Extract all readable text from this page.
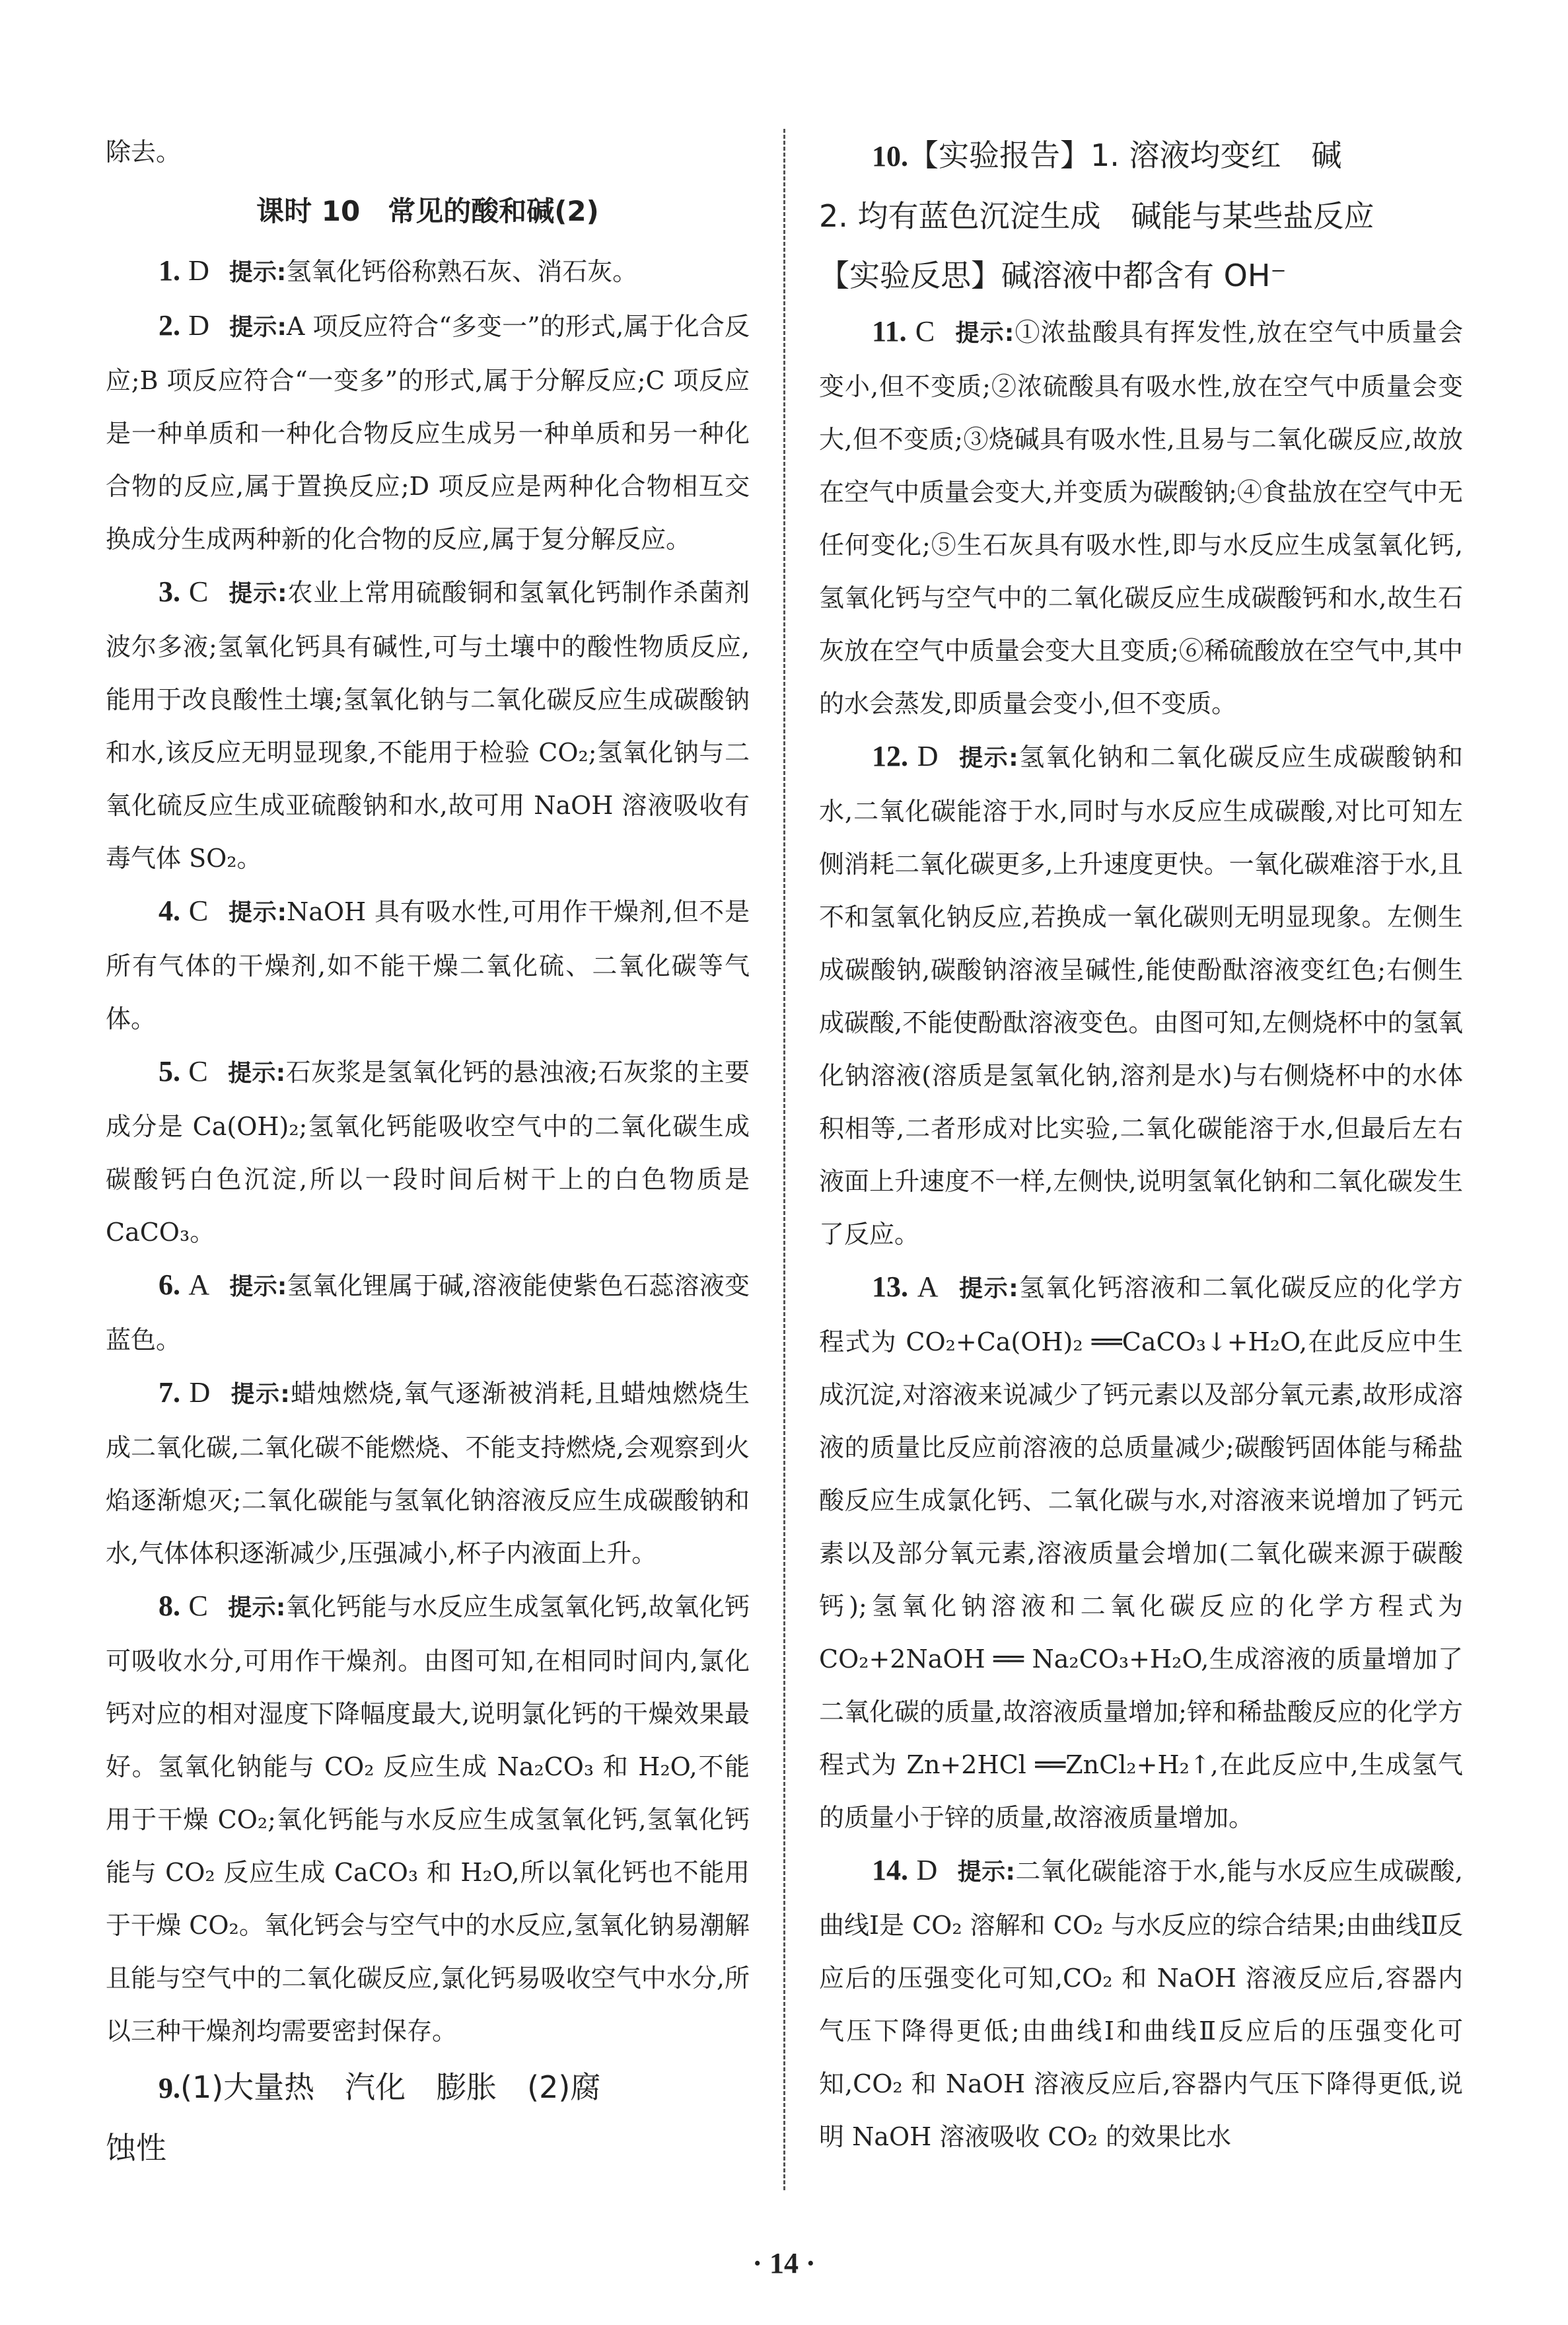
除去。

课时 10　常见的酸和碱(2)

1. D 提示:氢氧化钙俗称熟石灰、消石灰。

2. D 提示:A 项反应符合“多变一”的形式,属于化合反应;B 项反应符合“一变多”的形式,属于分解反应;C 项反应是一种单质和一种化合物反应生成另一种单质和另一种化合物的反应,属于置换反应;D 项反应是两种化合物相互交换成分生成两种新的化合物的反应,属于复分解反应。

3. C 提示:农业上常用硫酸铜和氢氧化钙制作杀菌剂波尔多液;氢氧化钙具有碱性,可与土壤中的酸性物质反应,能用于改良酸性土壤;氢氧化钠与二氧化碳反应生成碳酸钠和水,该反应无明显现象,不能用于检验 CO₂;氢氧化钠与二氧化硫反应生成亚硫酸钠和水,故可用 NaOH 溶液吸收有毒气体 SO₂。

4. C 提示:NaOH 具有吸水性,可用作干燥剂,但不是所有气体的干燥剂,如不能干燥二氧化硫、二氧化碳等气体。

5. C 提示:石灰浆是氢氧化钙的悬浊液;石灰浆的主要成分是 Ca(OH)₂;氢氧化钙能吸收空气中的二氧化碳生成碳酸钙白色沉淀,所以一段时间后树干上的白色物质是 CaCO₃。

6. A 提示:氢氧化锂属于碱,溶液能使紫色石蕊溶液变蓝色。

7. D 提示:蜡烛燃烧,氧气逐渐被消耗,且蜡烛燃烧生成二氧化碳,二氧化碳不能燃烧、不能支持燃烧,会观察到火焰逐渐熄灭;二氧化碳能与氢氧化钠溶液反应生成碳酸钠和水,气体体积逐渐减少,压强减小,杯子内液面上升。

8. C 提示:氧化钙能与水反应生成氢氧化钙,故氧化钙可吸收水分,可用作干燥剂。由图可知,在相同时间内,氯化钙对应的相对湿度下降幅度最大,说明氯化钙的干燥效果最好。氢氧化钠能与 CO₂ 反应生成 Na₂CO₃ 和 H₂O,不能用于干燥 CO₂;氧化钙能与水反应生成氢氧化钙,氢氧化钙能与 CO₂ 反应生成 CaCO₃ 和 H₂O,所以氧化钙也不能用于干燥 CO₂。氧化钙会与空气中的水反应,氢氧化钠易潮解且能与空气中的二氧化碳反应,氯化钙易吸收空气中水分,所以三种干燥剂均需要密封保存。

9.(1)大量热　汽化　膨胀　(2)腐

蚀性

10.【实验报告】1. 溶液均变红　碱

2. 均有蓝色沉淀生成　碱能与某些盐反应

【实验反思】碱溶液中都含有 OH⁻

11. C 提示:①浓盐酸具有挥发性,放在空气中质量会变小,但不变质;②浓硫酸具有吸水性,放在空气中质量会变大,但不变质;③烧碱具有吸水性,且易与二氧化碳反应,故放在空气中质量会变大,并变质为碳酸钠;④食盐放在空气中无任何变化;⑤生石灰具有吸水性,即与水反应生成氢氧化钙,氢氧化钙与空气中的二氧化碳反应生成碳酸钙和水,故生石灰放在空气中质量会变大且变质;⑥稀硫酸放在空气中,其中的水会蒸发,即质量会变小,但不变质。

12. D 提示:氢氧化钠和二氧化碳反应生成碳酸钠和水,二氧化碳能溶于水,同时与水反应生成碳酸,对比可知左侧消耗二氧化碳更多,上升速度更快。一氧化碳难溶于水,且不和氢氧化钠反应,若换成一氧化碳则无明显现象。左侧生成碳酸钠,碳酸钠溶液呈碱性,能使酚酞溶液变红色;右侧生成碳酸,不能使酚酞溶液变色。由图可知,左侧烧杯中的氢氧化钠溶液(溶质是氢氧化钠,溶剂是水)与右侧烧杯中的水体积相等,二者形成对比实验,二氧化碳能溶于水,但最后左右液面上升速度不一样,左侧快,说明氢氧化钠和二氧化碳发生了反应。

13. A 提示:氢氧化钙溶液和二氧化碳反应的化学方程式为 CO₂+Ca(OH)₂ ══CaCO₃↓+H₂O,在此反应中生成沉淀,对溶液来说减少了钙元素以及部分氧元素,故形成溶液的质量比反应前溶液的总质量减少;碳酸钙固体能与稀盐酸反应生成氯化钙、二氧化碳与水,对溶液来说增加了钙元素以及部分氧元素,溶液质量会增加(二氧化碳来源于碳酸钙);氢氧化钠溶液和二氧化碳反应的化学方程式为 CO₂+2NaOH ══ Na₂CO₃+H₂O,生成溶液的质量增加了二氧化碳的质量,故溶液质量增加;锌和稀盐酸反应的化学方程式为 Zn+2HCl ══ZnCl₂+H₂↑,在此反应中,生成氢气的质量小于锌的质量,故溶液质量增加。

14. D 提示:二氧化碳能溶于水,能与水反应生成碳酸,曲线Ⅰ是 CO₂ 溶解和 CO₂ 与水反应的综合结果;由曲线Ⅱ反应后的压强变化可知,CO₂ 和 NaOH 溶液反应后,容器内气压下降得更低;由曲线Ⅰ和曲线Ⅱ反应后的压强变化可知,CO₂ 和 NaOH 溶液反应后,容器内气压下降得更低,说明 NaOH 溶液吸收 CO₂ 的效果比水

· 14 ·
